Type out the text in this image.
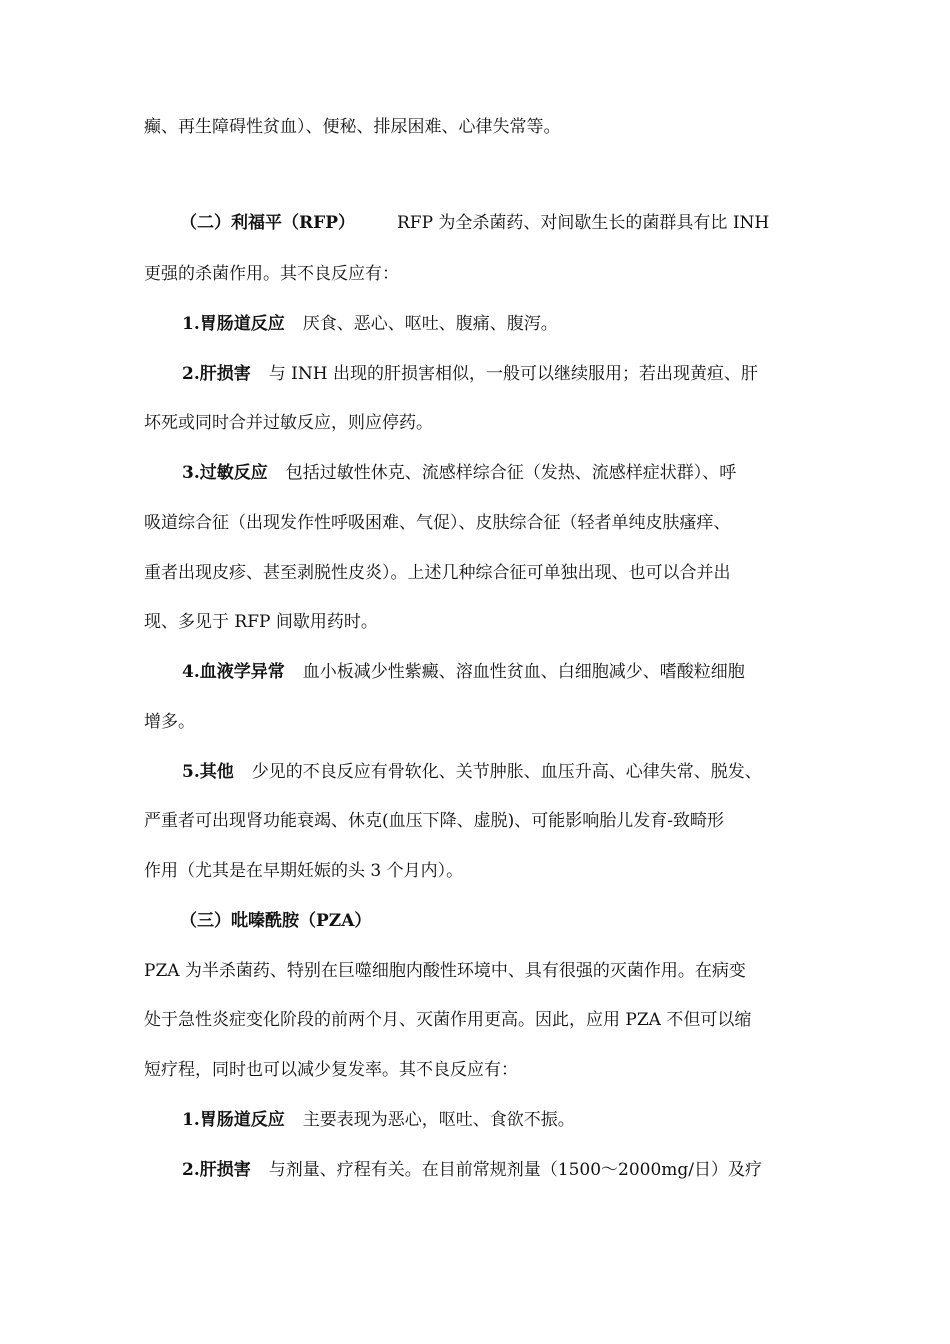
癫、再生障碍性贫血）、便秘、排尿困难、心律失常等。
（二）利福平（RFP） RFP 为全杀菌药、对间歇生长的菌群具有比 INH
更强的杀菌作用。其不良反应有：
1.胃肠道反应 厌食、恶心、呕吐、腹痛、腹泻。
2.肝损害 与 INH 出现的肝损害相似，一般可以继续服用；若出现黄疸、肝
坏死或同时合并过敏反应，则应停药。
3.过敏反应 包括过敏性休克、流感样综合征（发热、流感样症状群）、呼
吸道综合征（出现发作性呼吸困难、气促）、皮肤综合征（轻者单纯皮肤瘙痒、
重者出现皮疹、甚至剥脱性皮炎）。上述几种综合征可单独出现、也可以合并出
现、多见于 RFP 间歇用药时。
4.血液学异常 血小板减少性紫癜、溶血性贫血、白细胞减少、嗜酸粒细胞
增多。
5.其他 少见的不良反应有骨软化、关节肿胀、血压升高、心律失常、脱发、
严重者可出现肾功能衰竭、休克(血压下降、虚脱)、可能影响胎儿发育-致畸形
作用（尤其是在早期妊娠的头 3 个月内）。
（三）吡嗪酰胺（PZA）
PZA 为半杀菌药、特别在巨噬细胞内酸性环境中、具有很强的灭菌作用。在病变
处于急性炎症变化阶段的前两个月、灭菌作用更高。因此，应用 PZA 不但可以缩
短疗程，同时也可以减少复发率。其不良反应有：
1.胃肠道反应 主要表现为恶心，呕吐、食欲不振。
2.肝损害 与剂量、疗程有关。在目前常规剂量（1500～2000mg/日）及疗
